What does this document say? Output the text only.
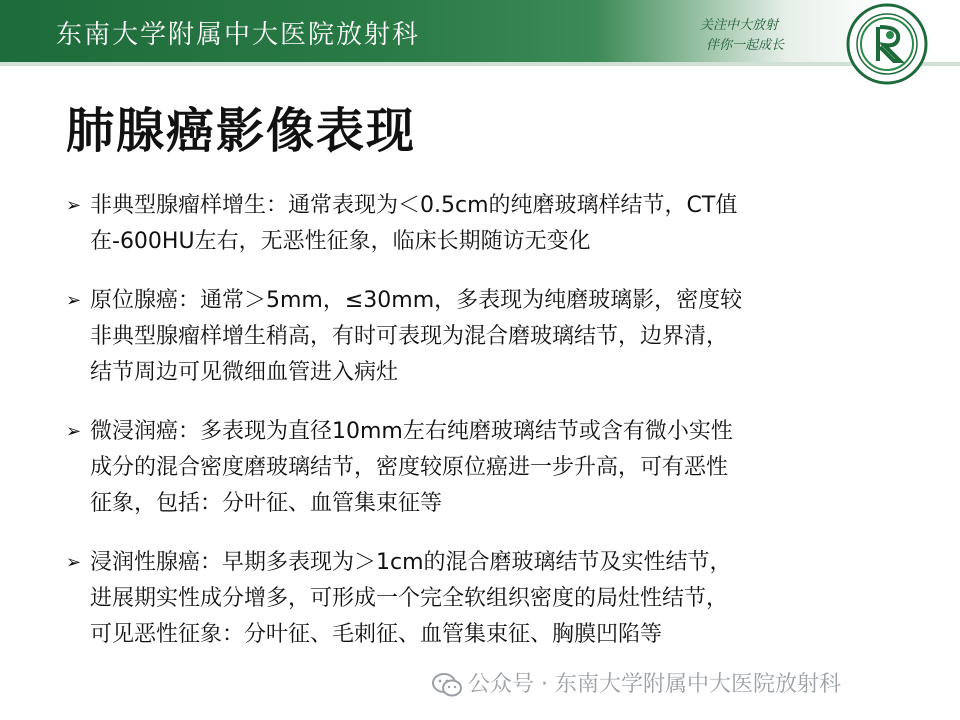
东南大学附属中大医院放射科	关注中大放射
伴你一起成长
肺腺癌影像表现
➢ 非典型腺瘤样增生：通常表现为＜0.5cm的纯磨玻璃样结节，CT值
在-600HU左右，无恶性征象，临床长期随访无变化
➢ 原位腺癌：通常＞5mm，≤30mm，多表现为纯磨玻璃影，密度较
非典型腺瘤样增生稍高，有时可表现为混合磨玻璃结节，边界清，
结节周边可见微细血管进入病灶
➢ 微浸润癌：多表现为直径10mm左右纯磨玻璃结节或含有微小实性
成分的混合密度磨玻璃结节，密度较原位癌进一步升高，可有恶性
征象，包括：分叶征、血管集束征等
➢ 浸润性腺癌：早期多表现为＞1cm的混合磨玻璃结节及实性结节，
进展期实性成分增多，可形成一个完全软组织密度的局灶性结节，
可见恶性征象：分叶征、毛刺征、血管集束征、胸膜凹陷等
公众号 · 东南大学附属中大医院放射科
